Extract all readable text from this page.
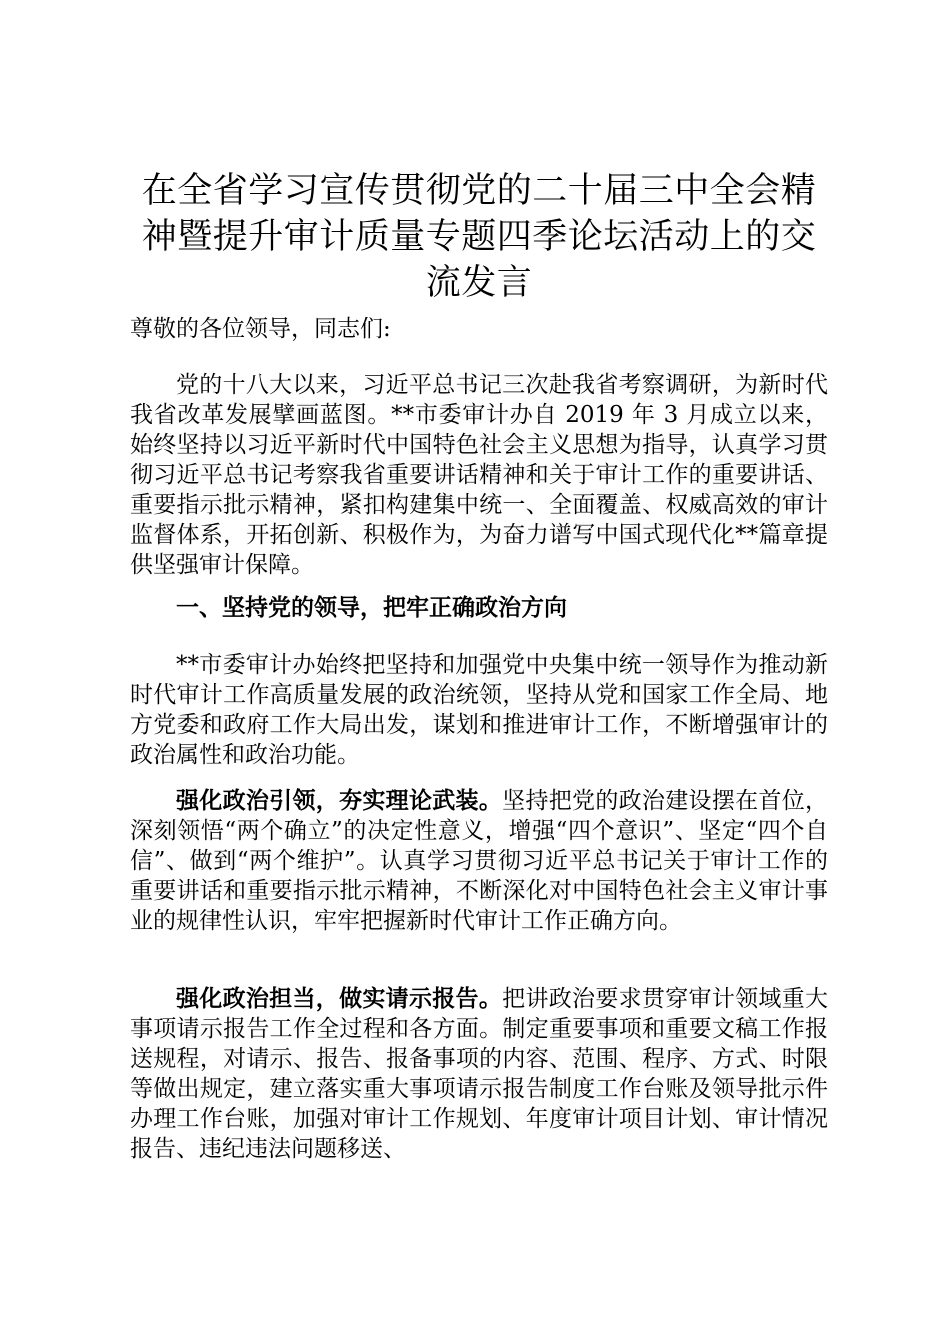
在全省学习宣传贯彻党的二十届三中全会精神暨提升审计质量专题四季论坛活动上的交流发言

尊敬的各位领导，同志们:

党的十八大以来，习近平总书记三次赴我省考察调研，为新时代我省改革发展擘画蓝图。**市委审计办自 2019 年 3 月成立以来，始终坚持以习近平新时代中国特色社会主义思想为指导，认真学习贯彻习近平总书记考察我省重要讲话精神和关于审计工作的重要讲话、重要指示批示精神，紧扣构建集中统一、全面覆盖、权威高效的审计监督体系，开拓创新、积极作为，为奋力谱写中国式现代化**篇章提供坚强审计保障。

一、坚持党的领导，把牢正确政治方向

**市委审计办始终把坚持和加强党中央集中统一领导作为推动新时代审计工作高质量发展的政治统领，坚持从党和国家工作全局、地方党委和政府工作大局出发，谋划和推进审计工作，不断增强审计的政治属性和政治功能。

强化政治引领，夯实理论武装。坚持把党的政治建设摆在首位，深刻领悟“两个确立”的决定性意义，增强“四个意识”、坚定“四个自信”、做到“两个维护”。认真学习贯彻习近平总书记关于审计工作的重要讲话和重要指示批示精神，不断深化对中国特色社会主义审计事业的规律性认识，牢牢把握新时代审计工作正确方向。

强化政治担当，做实请示报告。把讲政治要求贯穿审计领域重大事项请示报告工作全过程和各方面。制定重要事项和重要文稿工作报送规程，对请示、报告、报备事项的内容、范围、程序、方式、时限等做出规定，建立落实重大事项请示报告制度工作台账及领导批示件办理工作台账，加强对审计工作规划、年度审计项目计划、审计情况报告、违纪违法问题移送、
